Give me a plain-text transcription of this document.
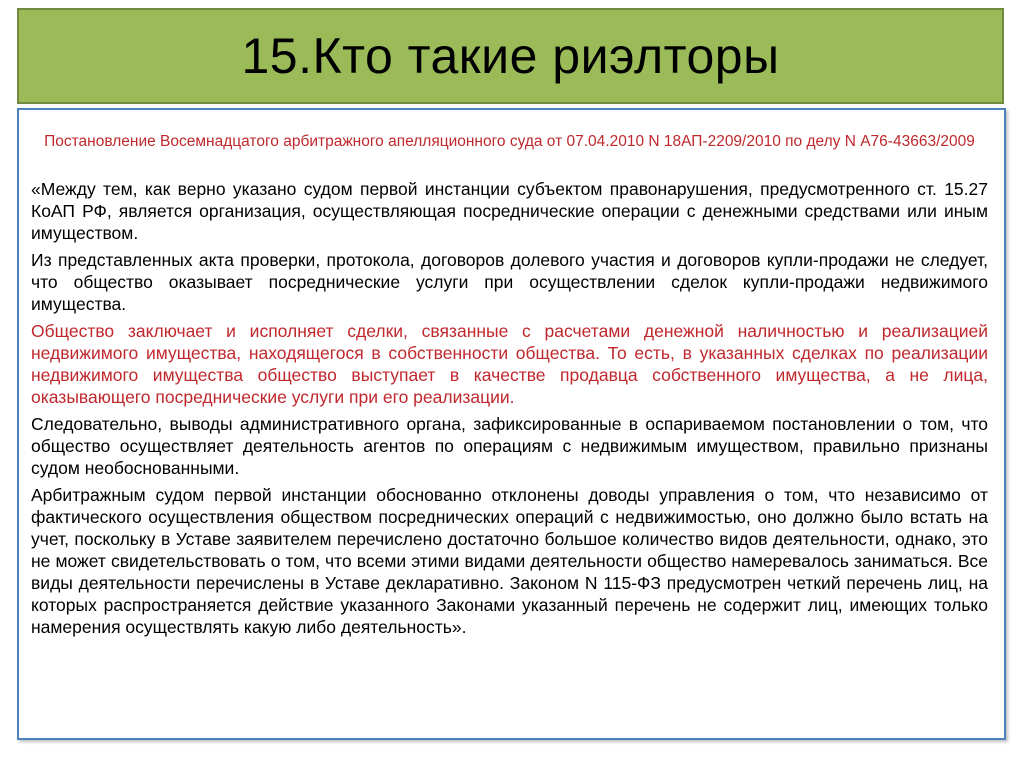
15.Кто такие риэлторы
Постановление Восемнадцатого арбитражного апелляционного суда от 07.04.2010 N 18АП-2209/2010 по делу N А76-43663/2009

«Между тем, как верно указано судом первой инстанции субъектом правонарушения, предусмотренного ст. 15.27 КоАП РФ, является организация, осуществляющая посреднические операции с денежными средствами или иным имуществом.

Из представленных акта проверки, протокола, договоров долевого участия и договоров купли-продажи не следует, что общество оказывает посреднические услуги при осуществлении сделок купли-продажи недвижимого имущества.

Общество заключает и исполняет сделки, связанные с расчетами денежной наличностью и реализацией недвижимого имущества, находящегося в собственности общества. То есть, в указанных сделках по реализации недвижимого имущества общество выступает в качестве продавца собственного имущества, а не лица, оказывающего посреднические услуги при его реализации.

Следовательно, выводы административного органа, зафиксированные в оспариваемом постановлении о том, что общество осуществляет деятельность агентов по операциям с недвижимым имуществом, правильно признаны судом необоснованными.

Арбитражным судом первой инстанции обоснованно отклонены доводы управления о том, что независимо от фактического осуществления обществом посреднических операций с недвижимостью, оно должно было встать на учет, поскольку в Уставе заявителем перечислено достаточно большое количество видов деятельности, однако, это не может свидетельствовать о том, что всеми этими видами деятельности общество намеревалось заниматься. Все виды деятельности перечислены в Уставе декларативно. Законом N 115-ФЗ предусмотрен четкий перечень лиц, на которых распространяется действие указанного Законами указанный перечень не содержит лиц, имеющих только намерения осуществлять какую либо деятельность».
